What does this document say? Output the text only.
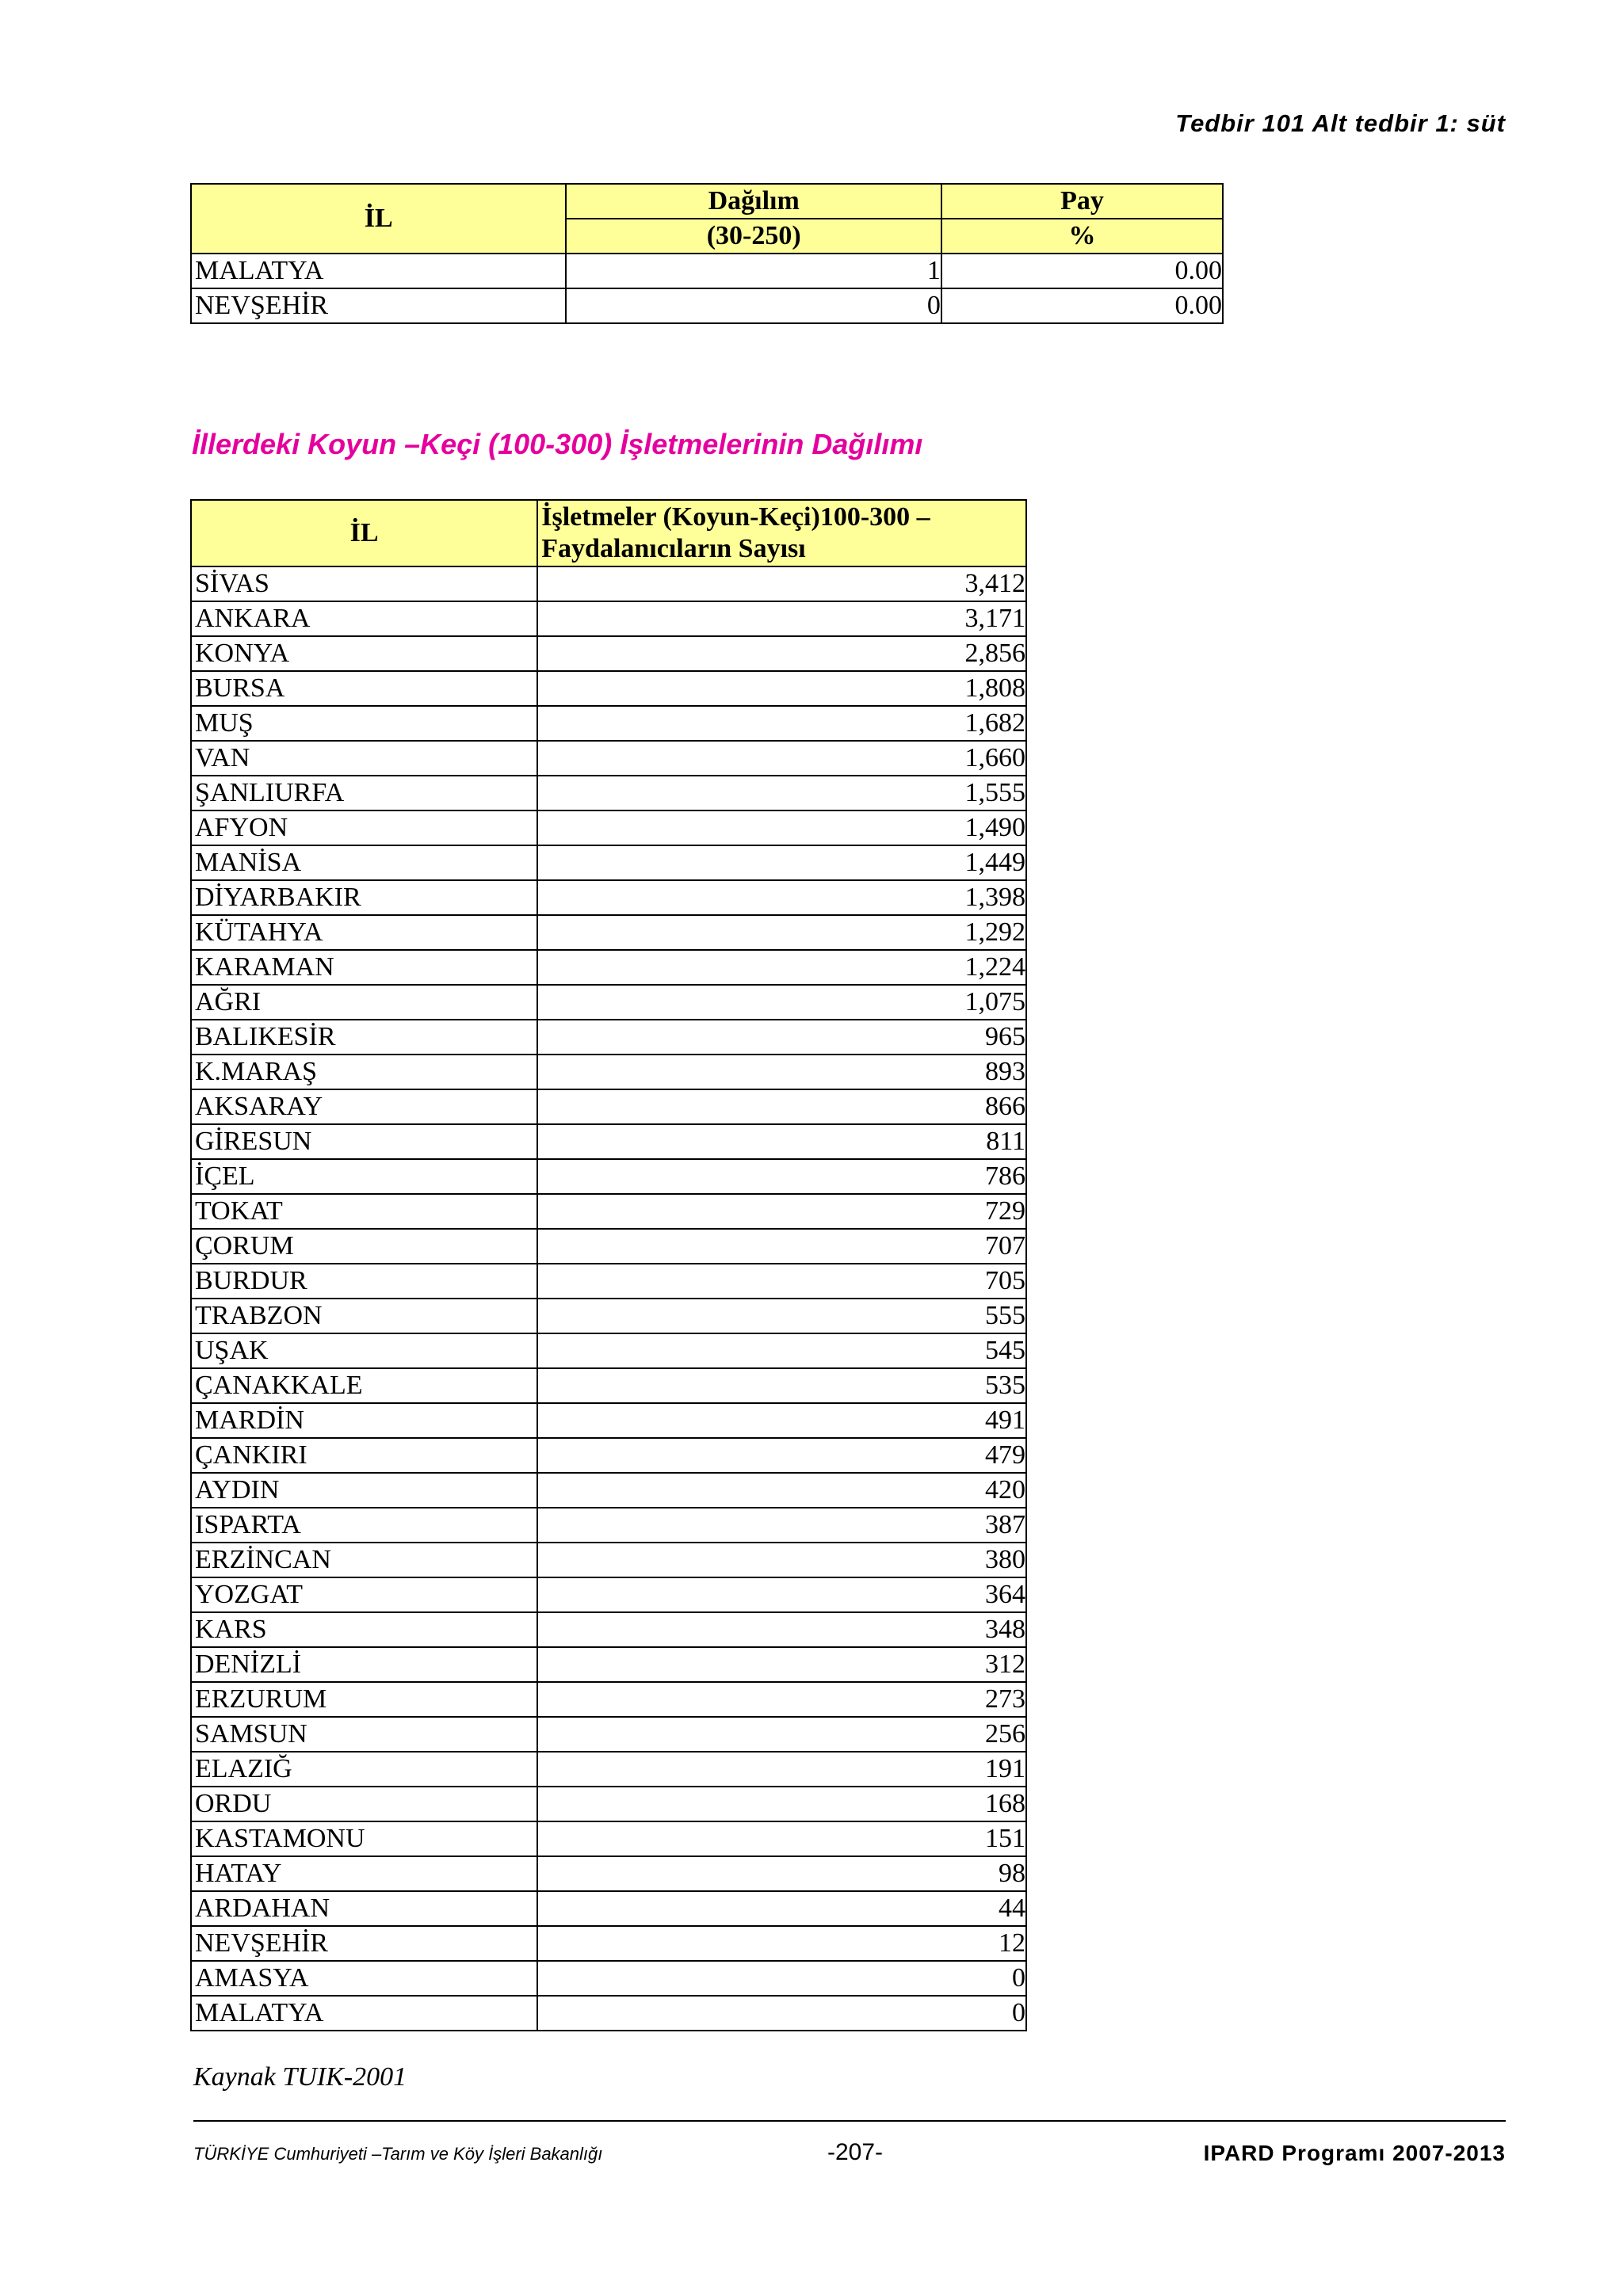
Tedbir 101 Alt tedbir 1: süt
İL	Dağılım	Pay
	(30-250)	%
MALATYA	1	0.00
NEVŞEHİR	0	0.00
İllerdeki Koyun –Keçi (100-300) İşletmelerinin Dağılımı
İL	İşletmeler (Koyun-Keçi)100-300 –
Faydalanıcıların Sayısı
SİVAS	3,412
ANKARA	3,171
KONYA	2,856
BURSA	1,808
MUŞ	1,682
VAN	1,660
ŞANLIURFA	1,555
AFYON	1,490
MANİSA	1,449
DİYARBAKIR	1,398
KÜTAHYA	1,292
KARAMAN	1,224
AĞRI	1,075
BALIKESİR	965
K.MARAŞ	893
AKSARAY	866
GİRESUN	811
İÇEL	786
TOKAT	729
ÇORUM	707
BURDUR	705
TRABZON	555
UŞAK	545
ÇANAKKALE	535
MARDİN	491
ÇANKIRI	479
AYDIN	420
ISPARTA	387
ERZİNCAN	380
YOZGAT	364
KARS	348
DENİZLİ	312
ERZURUM	273
SAMSUN	256
ELAZIĞ	191
ORDU	168
KASTAMONU	151
HATAY	98
ARDAHAN	44
NEVŞEHİR	12
AMASYA	0
MALATYA	0
Kaynak TUIK-2001
TÜRKİYE Cumhuriyeti –Tarım ve Köy İşleri Bakanlığı	-207-	IPARD Programı 2007-2013
